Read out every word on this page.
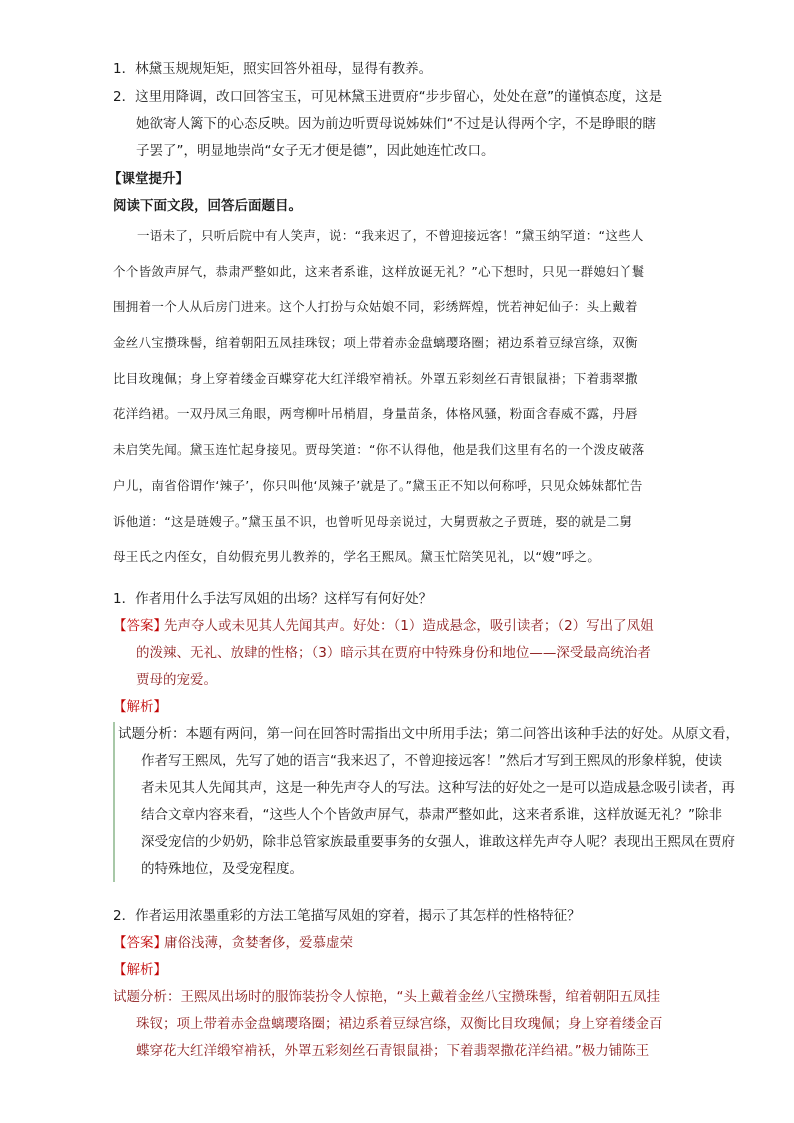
1．林黛玉规规矩矩，照实回答外祖母，显得有教养。
2．这里用降调，改口回答宝玉，可见林黛玉进贾府“步步留心，处处在意”的谨慎态度，这是
她欲寄人篱下的心态反映。因为前边听贾母说姊妹们“不过是认得两个字，不是睁眼的瞎
子罢了”，明显地崇尚“女子无才便是德”，因此她连忙改口。
【课堂提升】
阅读下面文段，回答后面题目。
一语未了，只听后院中有人笑声，说：“我来迟了，不曾迎接远客！”黛玉纳罕道：“这些人
个个皆敛声屏气，恭肃严整如此，这来者系谁，这样放诞无礼？”心下想时，只见一群媳妇丫鬟
围拥着一个人从后房门进来。这个人打扮与众姑娘不同，彩绣辉煌，恍若神妃仙子：头上戴着
金丝八宝攒珠髻，绾着朝阳五凤挂珠钗；项上带着赤金盘螭璎珞圈；裙边系着豆绿宫绦，双衡
比目玫瑰佩；身上穿着缕金百蝶穿花大红洋缎窄褃袄。外罩五彩刻丝石青银鼠褂；下着翡翠撒
花洋绉裙。一双丹凤三角眼，两弯柳叶吊梢眉，身量苗条，体格风骚，粉面含春威不露，丹唇
未启笑先闻。黛玉连忙起身接见。贾母笑道：“你不认得他，他是我们这里有名的一个泼皮破落
户儿，南省俗谓作‘辣子’，你只叫他‘凤辣子’就是了。”黛玉正不知以何称呼，只见众姊妹都忙告
诉他道：“这是琏嫂子。”黛玉虽不识，也曾听见母亲说过，大舅贾赦之子贾琏，娶的就是二舅
母王氏之内侄女，自幼假充男儿教养的，学名王熙凤。黛玉忙陪笑见礼，以“嫂”呼之。
1．作者用什么手法写凤姐的出场？这样写有何好处？
【答案】
先声夺人或未见其人先闻其声。好处：（1）造成悬念，吸引读者；（2）写出了凤姐
的泼辣、无礼、放肆的性格；（3）暗示其在贾府中特殊身份和地位——深受最高统治者
贾母的宠爱。
【解析】
试题分析：本题有两问，第一问在回答时需指出文中所用手法；第二问答出该种手法的好处。从原文看，
作者写王熙凤，先写了她的语言“我来迟了，不曾迎接远客！”然后才写到王熙凤的形象样貌，使读
者未见其人先闻其声，这是一种先声夺人的写法。这种写法的好处之一是可以造成悬念吸引读者，再
结合文章内容来看，“这些人个个皆敛声屏气，恭肃严整如此，这来者系谁，这样放诞无礼？”除非
深受宠信的少奶奶，除非总管家族最重要事务的女强人，谁敢这样先声夺人呢？表现出王熙凤在贾府
的特殊地位，及受宠程度。
2．作者运用浓墨重彩的方法工笔描写凤姐的穿着，揭示了其怎样的性格特征？
【答案】
庸俗浅薄，贪婪奢侈，爱慕虚荣
【解析】
试题分析：王熙凤出场时的服饰装扮令人惊艳，“头上戴着金丝八宝攒珠髻，绾着朝阳五凤挂
珠钗；项上带着赤金盘螭璎珞圈；裙边系着豆绿宫绦，双衡比目玫瑰佩；身上穿着缕金百
蝶穿花大红洋缎窄褃袄，外罩五彩刻丝石青银鼠褂；下着翡翠撒花洋绉裙。”极力铺陈王
